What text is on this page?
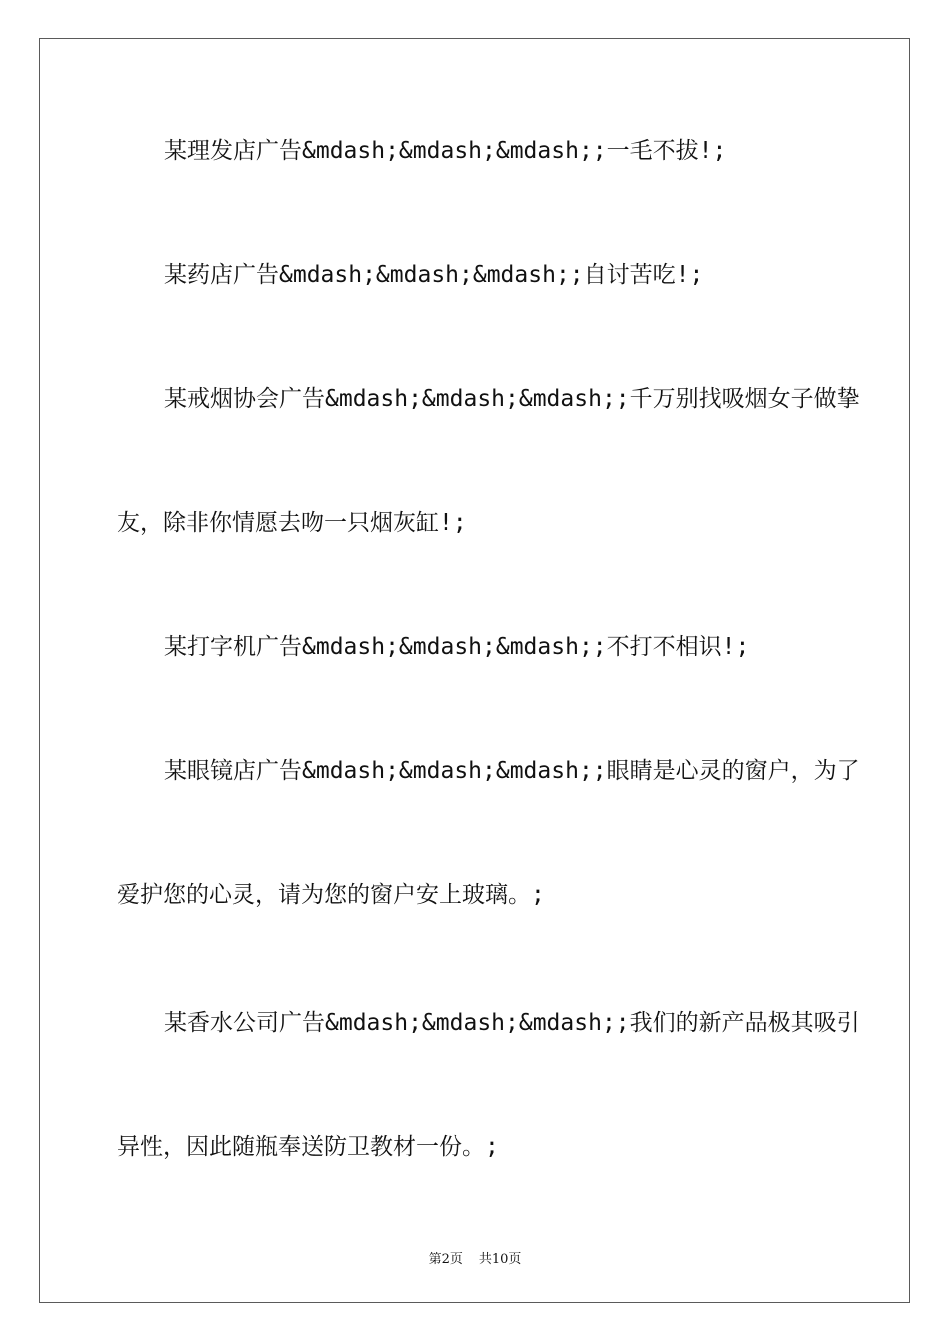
某理发店广告&mdash;&mdash;&mdash;;一毛不拔!;
某药店广告&mdash;&mdash;&mdash;;自讨苦吃!;
某戒烟协会广告&mdash;&mdash;&mdash;;千万别找吸烟女子做挚
友，除非你情愿去吻一只烟灰缸!;
某打字机广告&mdash;&mdash;&mdash;;不打不相识!;
某眼镜店广告&mdash;&mdash;&mdash;;眼睛是心灵的窗户，为了
爱护您的心灵，请为您的窗户安上玻璃。;
某香水公司广告&mdash;&mdash;&mdash;;我们的新产品极其吸引
异性，因此随瓶奉送防卫教材一份。;
第2页 共10页
